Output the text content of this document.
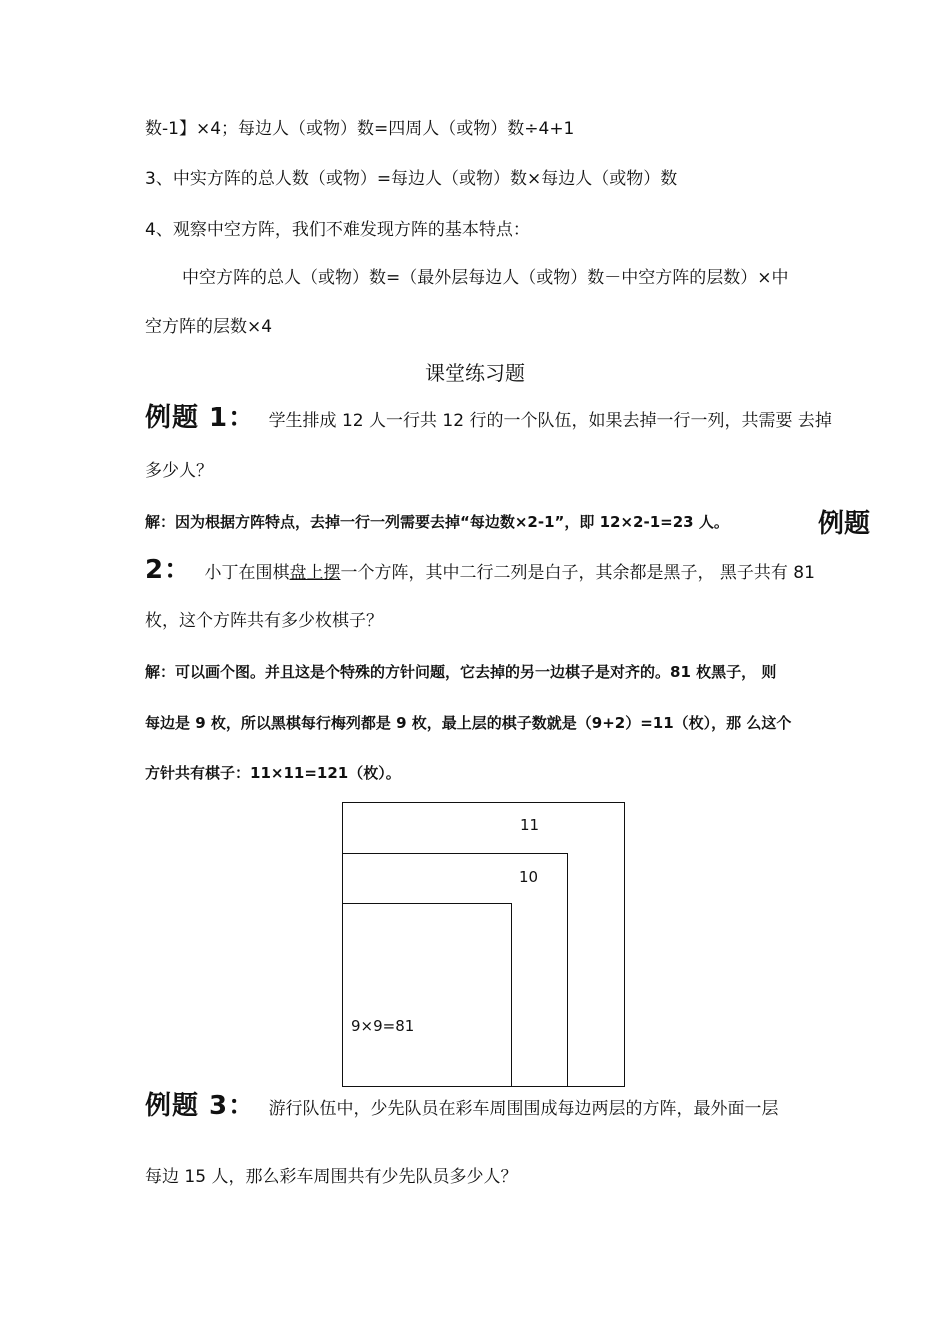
数-1】×4；每边人（或物）数=四周人（或物）数÷4+1
3、中实方阵的总人数（或物）=每边人（或物）数×每边人（或物）数
4、观察中空方阵，我们不难发现方阵的基本特点：
中空方阵的总人（或物）数=（最外层每边人（或物）数－中空方阵的层数）×中
空方阵的层数×4
课堂练习题
例题 1： 学生排成 12 人一行共 12 行的一个队伍，如果去掉一行一列，共需要 去掉
多少人？
解：因为根据方阵特点，去掉一行一列需要去掉“每边数×2-1”，即 12×2-1=23 人。	例题
2： 小丁在围棋盘上摆一个方阵，其中二行二列是白子，其余都是黑子， 黑子共有 81
枚，这个方阵共有多少枚棋子？
解：可以画个图。并且这是个特殊的方针问题，它去掉的另一边棋子是对齐的。81 枚黑子， 则
每边是 9 枚，所以黑棋每行梅列都是 9 枚，最上层的棋子数就是（9+2）=11（枚），那 么这个
方针共有棋子：11×11=121（枚）。
11
10
9×9=81
例题 3： 游行队伍中，少先队员在彩车周围围成每边两层的方阵，最外面一层
每边 15 人，那么彩车周围共有少先队员多少人？
